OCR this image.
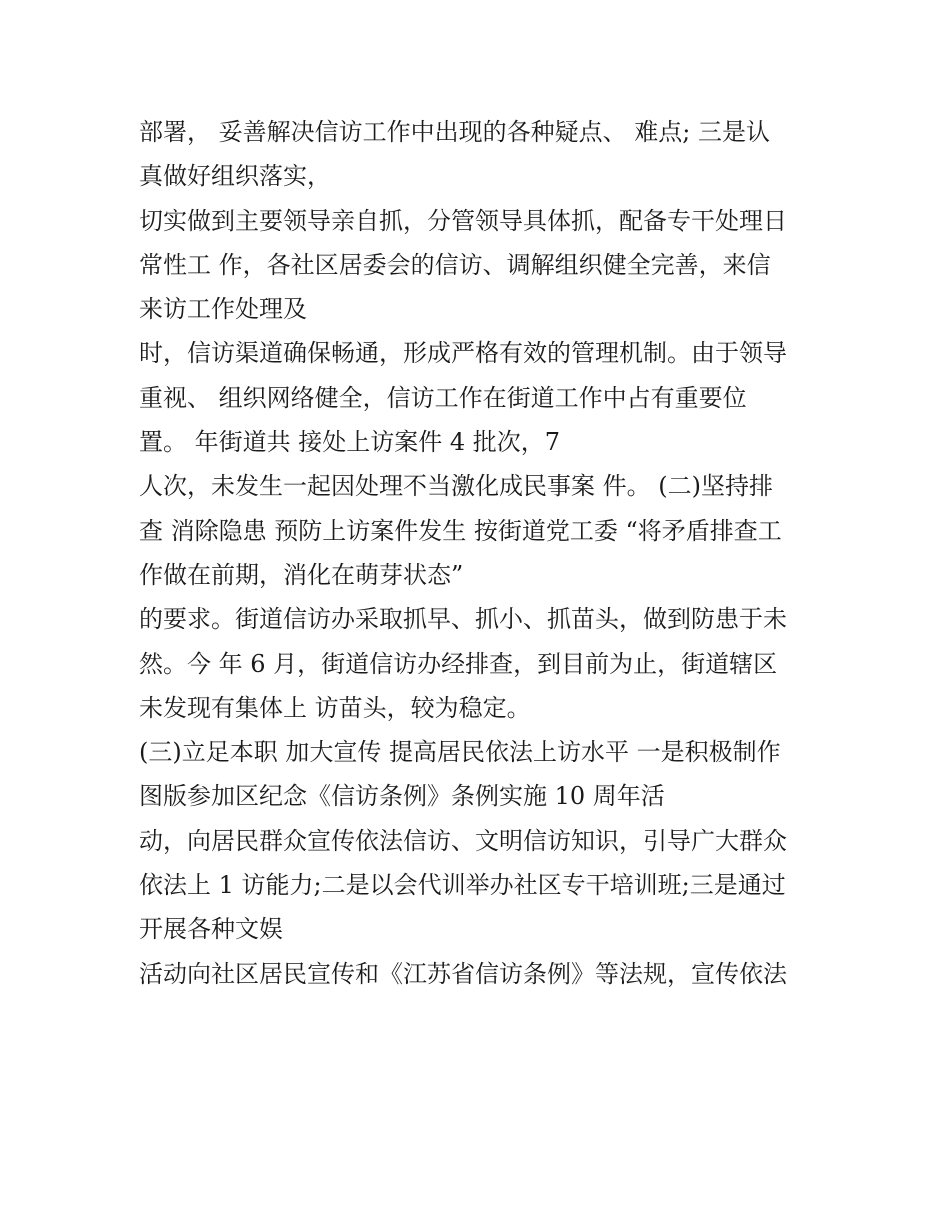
部署， 妥善解决信访工作中出现的各种疑点、 难点; 三是认
真做好组织落实，
切实做到主要领导亲自抓，分管领导具体抓，配备专干处理日
常性工 作，各社区居委会的信访、调解组织健全完善，来信
来访工作处理及
时，信访渠道确保畅通，形成严格有效的管理机制。由于领导
重视、 组织网络健全，信访工作在街道工作中占有重要位
置。 年街道共 接处上访案件 4 批次，7
人次，未发生一起因处理不当激化成民事案 件。 (二)坚持排
查 消除隐患 预防上访案件发生 按街道党工委 “将矛盾排查工
作做在前期，消化在萌芽状态”
的要求。街道信访办采取抓早、抓小、抓苗头，做到防患于未
然。今 年 6 月，街道信访办经排查，到目前为止，街道辖区
未发现有集体上 访苗头，较为稳定。
(三)立足本职 加大宣传 提高居民依法上访水平 一是积极制作
图版参加区纪念《信访条例》条例实施 10 周年活
动，向居民群众宣传依法信访、文明信访知识，引导广大群众
依法上 1 访能力;二是以会代训举办社区专干培训班;三是通过
开展各种文娱
活动向社区居民宣传和《江苏省信访条例》等法规，宣传依法
